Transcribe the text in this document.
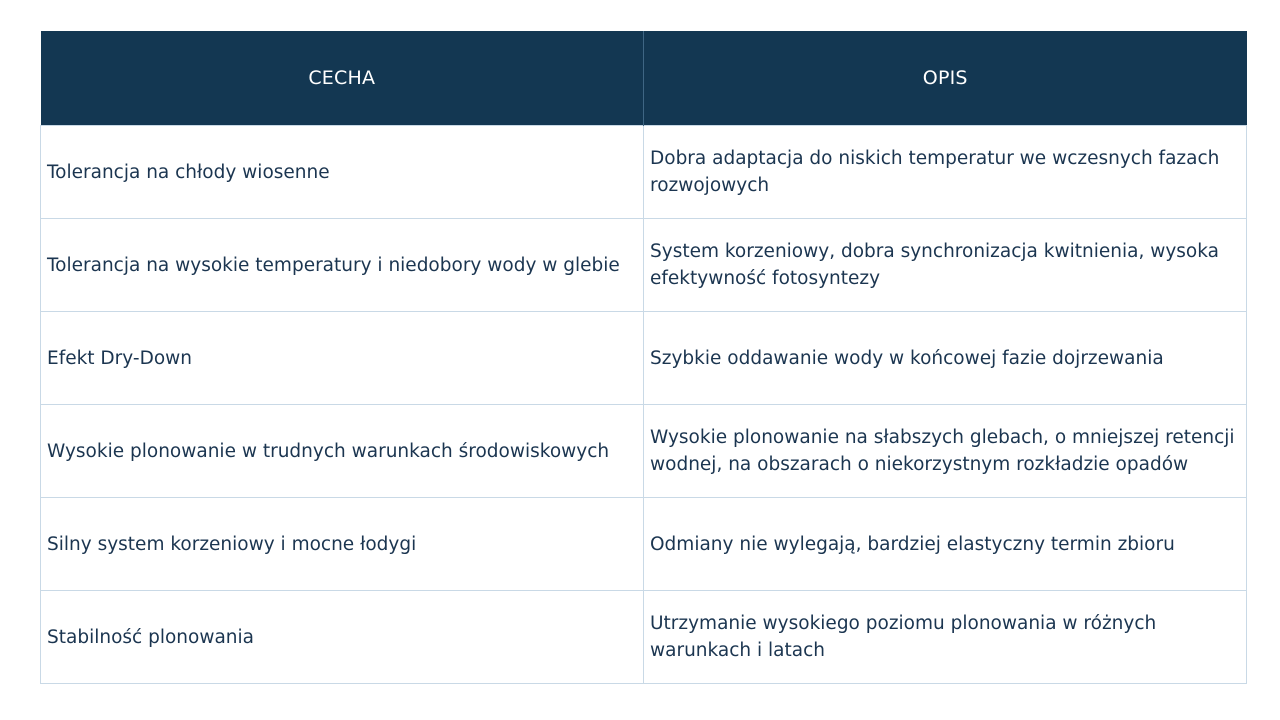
CECHA	OPIS
Tolerancja na chłody wiosenne	Dobra adaptacja do niskich temperatur we wczesnych fazach rozwojowych
Tolerancja na wysokie temperatury i niedobory wody w glebie	System korzeniowy, dobra synchronizacja kwitnienia, wysoka efektywność fotosyntezy
Efekt Dry-Down	Szybkie oddawanie wody w końcowej fazie dojrzewania
Wysokie plonowanie w trudnych warunkach środowiskowych	Wysokie plonowanie na słabszych glebach, o mniejszej retencji wodnej, na obszarach o niekorzystnym rozkładzie opadów
Silny system korzeniowy i mocne łodygi	Odmiany nie wylegają, bardziej elastyczny termin zbioru
Stabilność plonowania	Utrzymanie wysokiego poziomu plonowania w różnych warunkach i latach
